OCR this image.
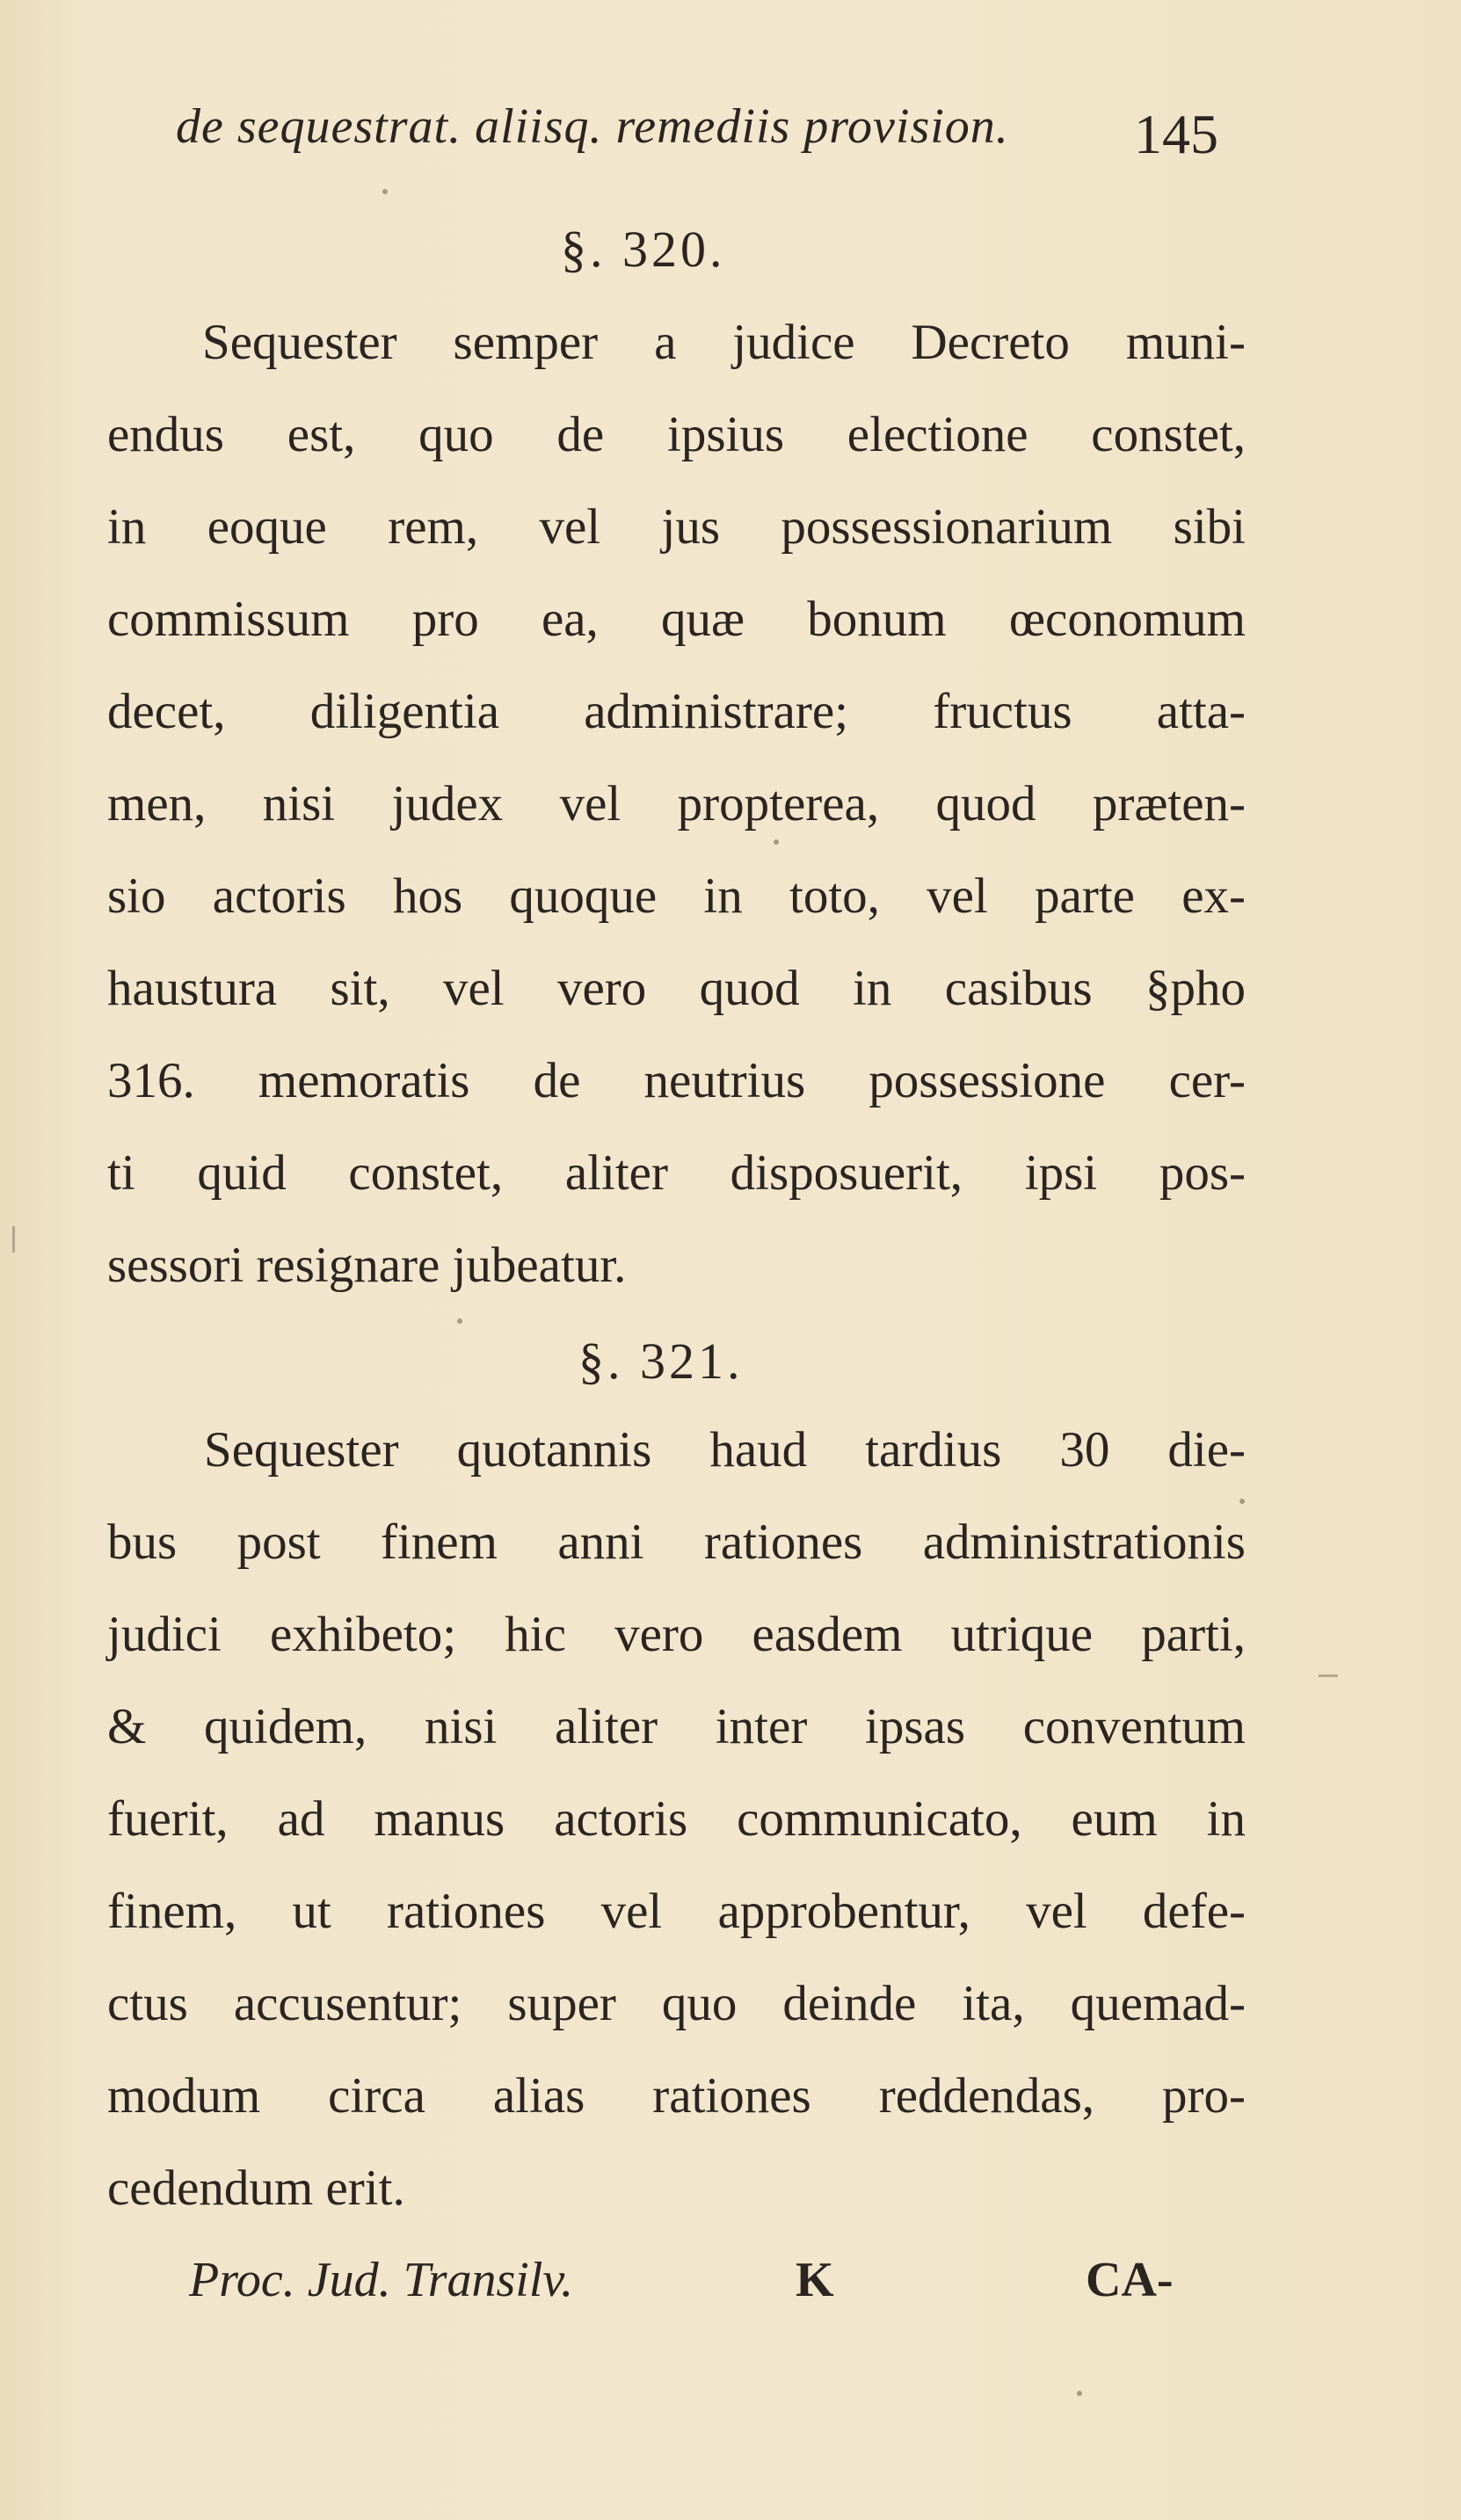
de sequestrat. aliisq. remediis provision. 145
§. 320.
Sequester semper a judice Decreto muni-
endus est, quo de ipsius electione constet,
in eoque rem, vel jus possessionarium sibi
commissum pro ea, quæ bonum œconomum
decet, diligentia administrare; fructus atta-
men, nisi judex vel propterea, quod præten-
sio actoris hos quoque in toto, vel parte ex-
haustura sit, vel vero quod in casibus §pho
316. memoratis de neutrius possessione cer-
ti quid constet, aliter disposuerit, ipsi pos-
sessori resignare jubeatur.
§. 321.
Sequester quotannis haud tardius 30 die-
bus post finem anni rationes administrationis
judici exhibeto; hic vero easdem utrique parti,
& quidem, nisi aliter inter ipsas conventum
fuerit, ad manus actoris communicato, eum in
finem, ut rationes vel approbentur, vel defe-
ctus accusentur; super quo deinde ita, quemad-
modum circa alias rationes reddendas, pro-
cedendum erit.
Proc. Jud. Transilv.	K	CA-
